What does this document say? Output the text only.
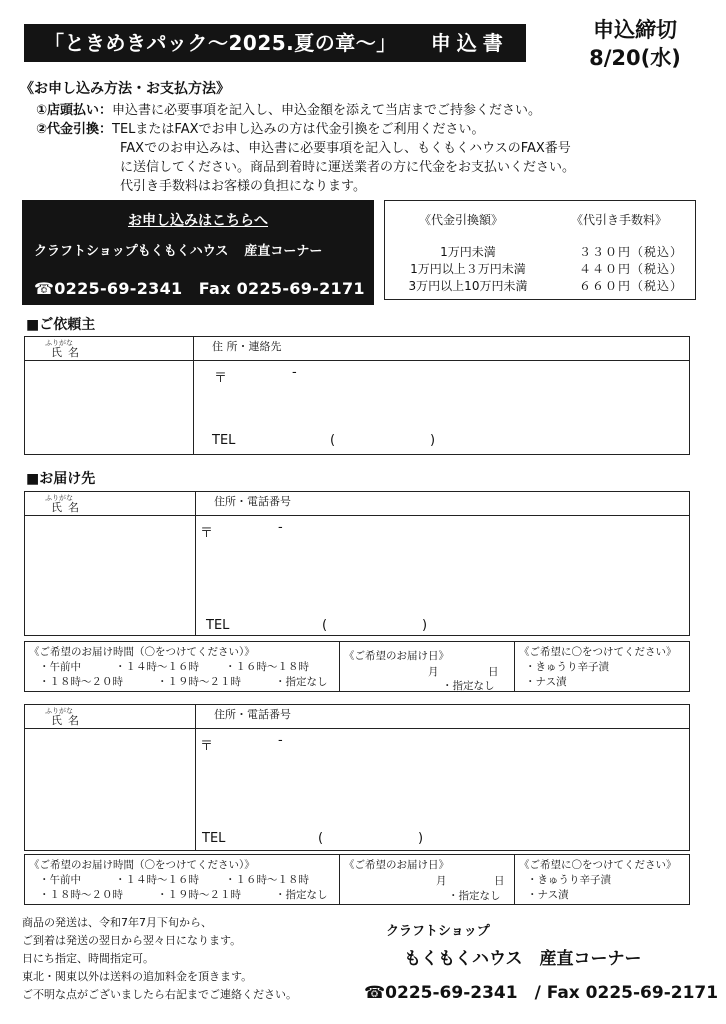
「ときめきパック～2025.夏の章～」 申込書
申込締切
8/20(水)
《お申し込み方法・お支払方法》
①店頭払い：申込書に必要事項を記入し、申込金額を添えて当店までご持参ください。
②代金引換：TELまたはFAXでお申し込みの方は代金引換をご利用ください。
FAXでのお申込みは、申込書に必要事項を記入し、もくもくハウスのFAX番号
に送信してください。商品到着時に運送業者の方に代金をお支払いください。
代引き手数料はお客様の負担になります。
お申し込みはこちらへ
クラフトショップもくもくハウス 産直コーナー
☎0225-69-2341　Fax 0225-69-2171
《代金引換額》	《代引き手数料》
1万円未満	３３０円（税込）
1万円以上３万円未満	４４０円（税込）
3万円以上10万円未満	６６０円（税込）
■ご依頼主
ふりがな
氏名	住 所・連絡先

	〒 -
TEL ( )
■お届け先
ふりがな
氏名	住所・電話番号

	〒 -
TEL ( )
《ご希望のお届け時間（〇をつけてください）》
・午前中	・１４時～１６時 ・１６時～１８時
・１８時～２０時	・１９時～２１時	・指定なし

《ご希望のお届け日》
月	日
・指定なし

《ご希望に〇をつけてください》
・きゅうり辛子漬
・ナス漬
ふりがな
氏名	住所・電話番号

	〒 -
TEL ( )
《ご希望のお届け時間（〇をつけてください）》
・午前中	・１４時～１６時 ・１６時～１８時
・１８時～２０時	・１９時～２１時	・指定なし

《ご希望のお届け日》
月	日
・指定なし

《ご希望に〇をつけてください》
・きゅうり辛子漬
・ナス漬
商品の発送は、令和7年7月下旬から、
ご到着は発送の翌日から翌々日になります。
日にち指定、時間指定可。
東北・関東以外は送料の追加料金を頂きます。
ご不明な点がございましたら右記までご連絡ください。
クラフトショップ
もくもくハウス　産直コーナー
☎0225-69-2341　/ Fax 0225-69-2171
